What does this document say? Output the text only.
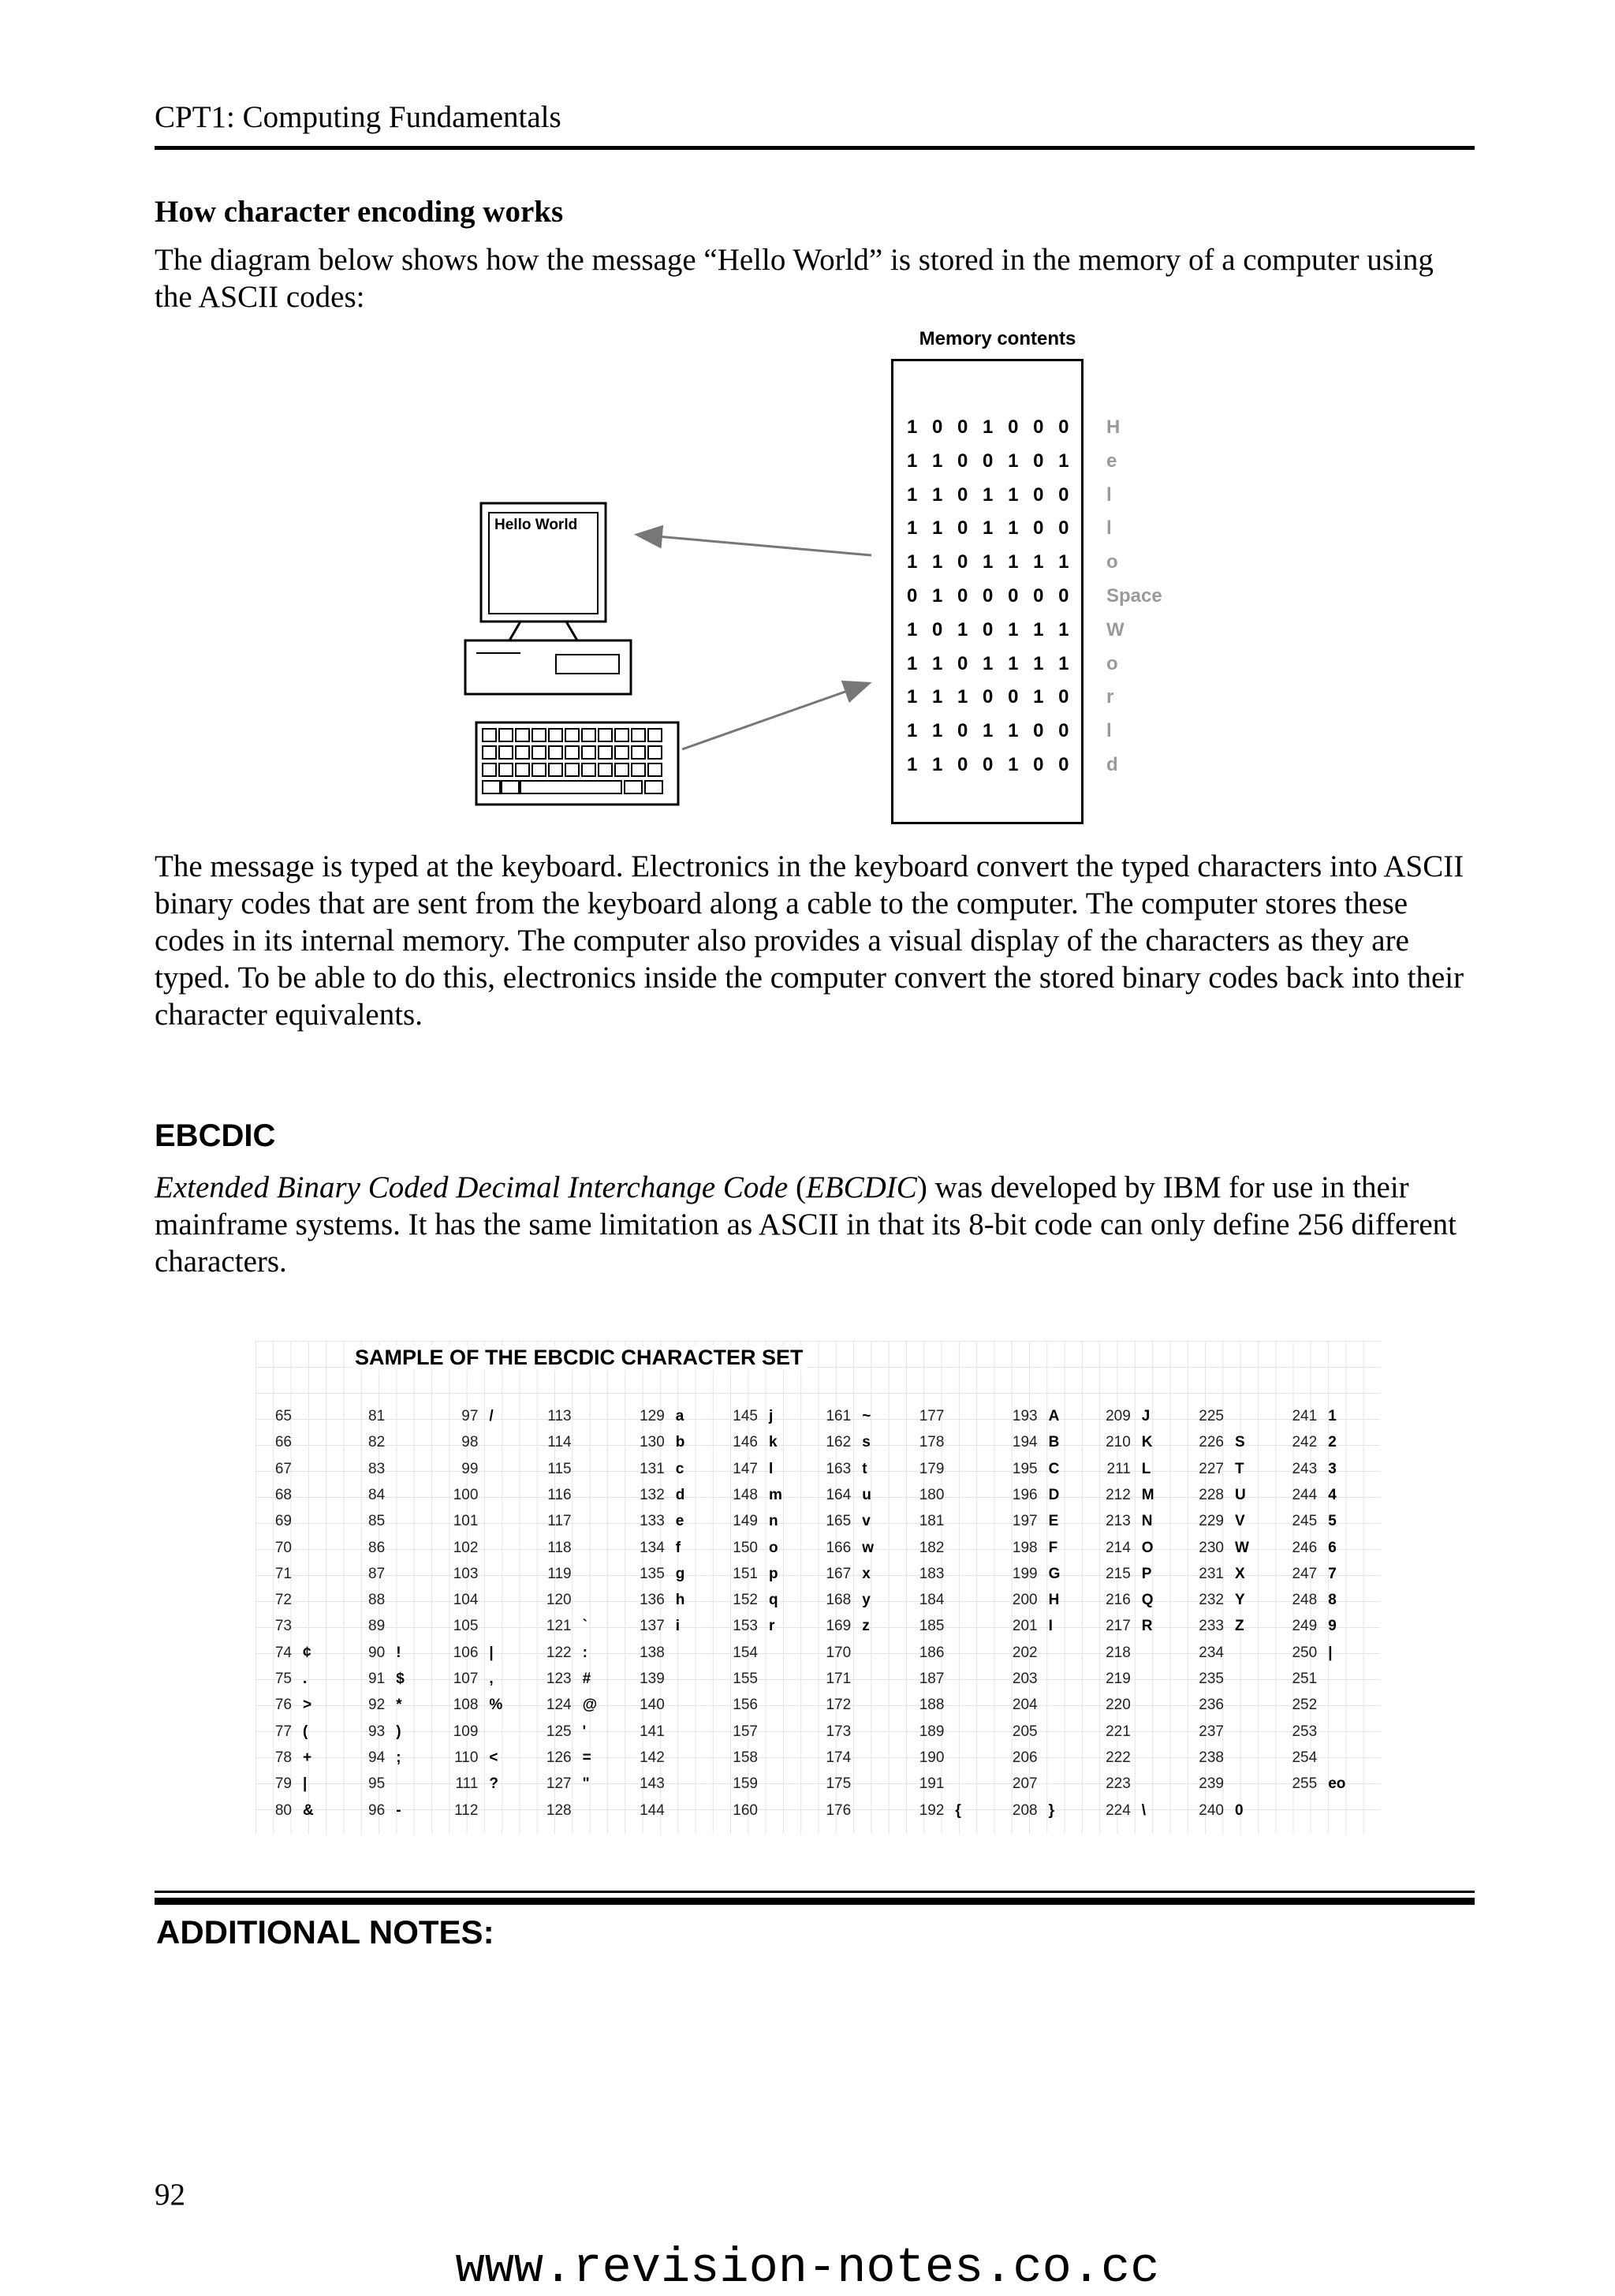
CPT1: Computing Fundamentals
How character encoding works

The diagram below shows how the message “Hello World” is stored in the memory of a computer using the ASCII codes:

Hello World
Memory contents
1 0 0 1 0 0 0 H
1 1 0 0 1 0 1 e
1 1 0 1 1 0 0 l
1 1 0 1 1 0 0 l
1 1 0 1 1 1 1 o
0 1 0 0 0 0 0 Space
1 0 1 0 1 1 1 W
1 1 0 1 1 1 1 o
1 1 1 0 0 1 0 r
1 1 0 1 1 0 0 l
1 1 0 0 1 0 0 d

The message is typed at the keyboard. Electronics in the keyboard convert the typed characters into ASCII binary codes that are sent from the keyboard along a cable to the computer. The computer stores these codes in its internal memory. The computer also provides a visual display of the characters as they are typed. To be able to do this, electronics inside the computer convert the stored binary codes back into their character equivalents.

EBCDIC

Extended Binary Coded Decimal Interchange Code (EBCDIC) was developed by IBM for use in their mainframe systems. It has the same limitation as ASCII in that its 8-bit code can only define 256 different characters.

SAMPLE OF THE EBCDIC CHARACTER SET
65
66
67
68
69
70
71
72
73
74 ¢
75 .
76 >
77 (
78 +
79 |
80 &
81
82
83
84
85
86
87
88
89
90 !
91 $
92 *
93 )
94 ;
95
96 -
97 /
98
99
100
101
102
103
104
105
106 |
107 ,
108 %
109
110 <
111 ?
112
113
114
115
116
117
118
119
120
121 `
122 :
123 #
124 @
125 '
126 =
127 "
128
129 a
130 b
131 c
132 d
133 e
134 f
135 g
136 h
137 i
138
139
140
141
142
143
144
145 j
146 k
147 l
148 m
149 n
150 o
151 p
152 q
153 r
154
155
156
157
158
159
160
161 ~
162 s
163 t
164 u
165 v
166 w
167 x
168 y
169 z
170
171
172
173
174
175
176
177
178
179
180
181
182
183
184
185
186
187
188
189
190
191
192 {
193 A
194 B
195 C
196 D
197 E
198 F
199 G
200 H
201 I
202
203
204
205
206
207
208 }
209 J
210 K
211 L
212 M
213 N
214 O
215 P
216 Q
217 R
218
219
220
221
222
223
224 \
225
226 S
227 T
228 U
229 V
230 W
231 X
232 Y
233 Z
234
235
236
237
238
239
240 0
241 1
242 2
243 3
244 4
245 5
246 6
247 7
248 8
249 9
250 |
251
252
253
254
255 eo
ADDITIONAL NOTES:
92
www.revision-notes.co.cc
